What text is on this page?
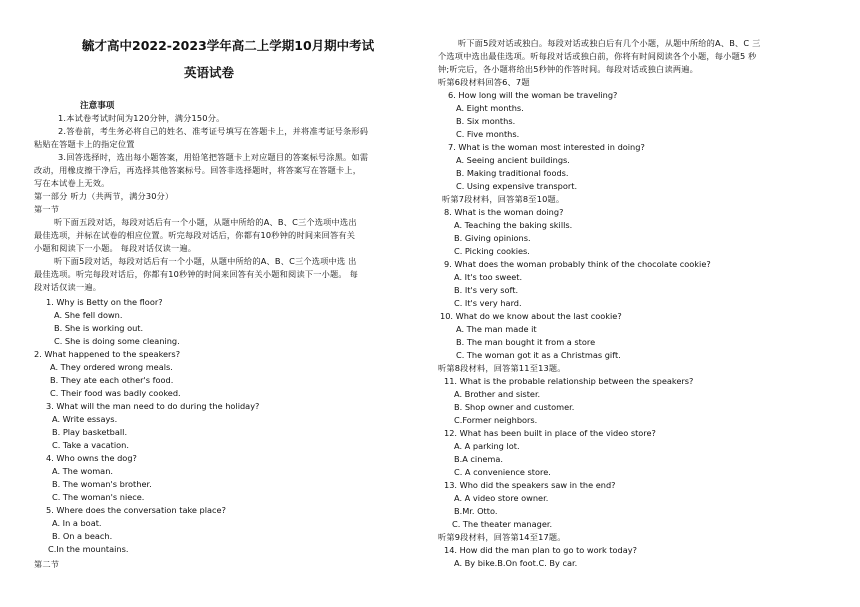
毓才高中2022-2023学年高二上学期10月期中考试
英语试卷
注意事项
1.本试卷考试时间为120分钟，满分150分。
2.答卷前，考生务必将自己的姓名、准考证号填写在答题卡上，并将准考证号条形码
粘贴在答题卡上的指定位置
3.回答选择时，选出每小题答案，用铅笔把答题卡上对应题目的答案标号涂黑。如需
改动，用橡皮擦干净后，再选择其他答案标号。回答非选择题时，将答案写在答题卡上，
写在本试卷上无效。
第一部分 听力（共两节，满分30分）
第一节
听下面五段对话，每段对话后有一个小题，从题中所给的A、B、C三个选项中选出
最佳选项，并标在试卷的相应位置。听完每段对话后，你都有10秒钟的时间来回答有关
小题和阅读下一小题。 每段对话仅读一遍。
听下面5段对话，每段对话后有一个小题，从题中所给的A、B、C三个选项中选 出
最佳选项。听完每段对话后，你都有10秒钟的时间来回答有关小题和阅读下一小题。 每
段对话仅读一遍。
1. Why is Betty on the floor?
A. She fell down.
B. She is working out.
C. She is doing some cleaning.
2. What happened to the speakers?
A. They ordered wrong meals.
B. They ate each other's food.
C. Their food was badly cooked.
3. What will the man need to do during the holiday?
A. Write essays.
B. Play basketball.
C. Take a vacation.
4. Who owns the dog?
A. The woman.
B. The woman's brother.
C. The woman's niece.
5. Where does the conversation take place?
A. In a boat.
B. On a beach.
C.In the mountains.
第二节
听下面5段对话或独白。每段对话或独白后有几个小题，从题中所给的A、B、C 三
个选项中选出最佳选项。听每段对话或独白前，你将有时间阅读各个小题，每小题5 秒
钟;听完后，各小题将给出5秒钟的作答时间。每段对话或独白读两遍。
听第6段材料回答6、7题
6. How long will the woman be traveling?
A. Eight months.
B. Six months.
C. Five months.
7. What is the woman most interested in doing?
A. Seeing ancient buildings.
B. Making traditional foods.
C. Using expensive transport.
听第7段材料，回答第8至10题。
8. What is the woman doing?
A. Teaching the baking skills.
B. Giving opinions.
C. Picking cookies.
9. What does the woman probably think of the chocolate cookie?
A. It's too sweet.
B. It's very soft.
C. It's very hard.
10. What do we know about the last cookie?
A. The man made it
B. The man bought it from a store
C. The woman got it as a Christmas gift.
听第8段材料，回答第11至13题。
11. What is the probable relationship between the speakers?
A. Brother and sister.
B. Shop owner and customer.
C.Former neighbors.
12. What has been built in place of the video store?
A. A parking lot.
B.A cinema.
C. A convenience store.
13. Who did the speakers saw in the end?
A. A video store owner.
B.Mr. Otto.
C. The theater manager.
听第9段材料，回答第14至17题。
14. How did the man plan to go to work today?
A. By bike.B.On foot.C. By car.
